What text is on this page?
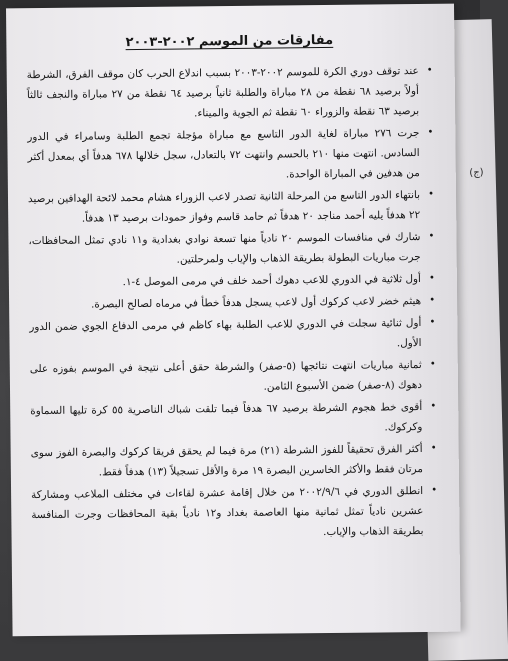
(ج)
مفارقات من الموسم ٢٠٠٢-٢٠٠٣
•
عند توقف دوري الكرة للموسم ٢٠٠٢-٢٠٠٣ بسبب اندلاع الحرب كان موقف الفرق، الشرطة أولاً برصيد ٦٨ نقطة من ٢٨ مباراة والطلبة ثانياً برصيد ٦٤ نقطة من ٢٧ مباراة والنجف ثالثاً برصيد ٦٣ نقطة والزوراء ٦٠ نقطة ثم الجوية والميناء.
•
جرت ٢٧٦ مباراة لغاية الدور التاسع مع مباراة مؤجلة تجمع الطلبة وسامراء في الدور السادس. انتهت منها ٢١٠ بالحسم وانتهت ٧٢ بالتعادل، سجل خلالها ٦٧٨ هدفاً أي بمعدل أكثر من هدفين في المباراة الواحدة.
•
بانتهاء الدور التاسع من المرحلة الثانية تصدر لاعب الزوراء هشام محمد لائحة الهدافين برصيد ٢٢ هدفاً يليه أحمد مناجد ٢٠ هدفاً ثم حامد قاسم وفواز حمودات برصيد ١٣ هدفاً.
•
شارك في منافسات الموسم ٢٠ نادياً منها تسعة نوادي بغدادية و١١ نادي تمثل المحافظات، جرت مباريات البطولة بطريقة الذهاب والإياب ولمرحلتين.
•
أول ثلاثية في الدوري للاعب دهوك أحمد خلف في مرمى الموصل ٤-١.
•
هيثم خضر لاعب كركوك أول لاعب يسجل هدفاً خطأ في مرماه لصالح البصرة.
•
أول ثنائية سجلت في الدوري للاعب الطلبة بهاء كاظم في مرمى الدفاع الجوي ضمن الدور الأول.
•
ثمانية مباريات انتهت نتائجها (٥-صفر) والشرطة حقق أعلى نتيجة في الموسم بفوزه على دهوك (٨-صفر) ضمن الأسبوع الثامن.
•
أقوى خط هجوم الشرطة برصيد ٦٧ هدفاً فيما تلقت شباك الناصرية ٥٥ كرة تليها السماوة وكركوك.
•
أكثر الفرق تحقيقاً للفوز الشرطة (٢١) مرة فيما لم يحقق فريقا كركوك والبصرة الفوز سوى مرتان فقط والأكثر الخاسرين البصرة ١٩ مرة والأقل تسجيلاً (١٣) هدفاً فقط.
•
انطلق الدوري في ٢٠٠٢/٩/٦ من خلال إقامة عشرة لقاءات في مختلف الملاعب ومشاركة عشرين نادياً تمثل ثمانية منها العاصمة بغداد و١٢ نادياً بقية المحافظات وجرت المنافسة بطريقة الذهاب والإياب.
